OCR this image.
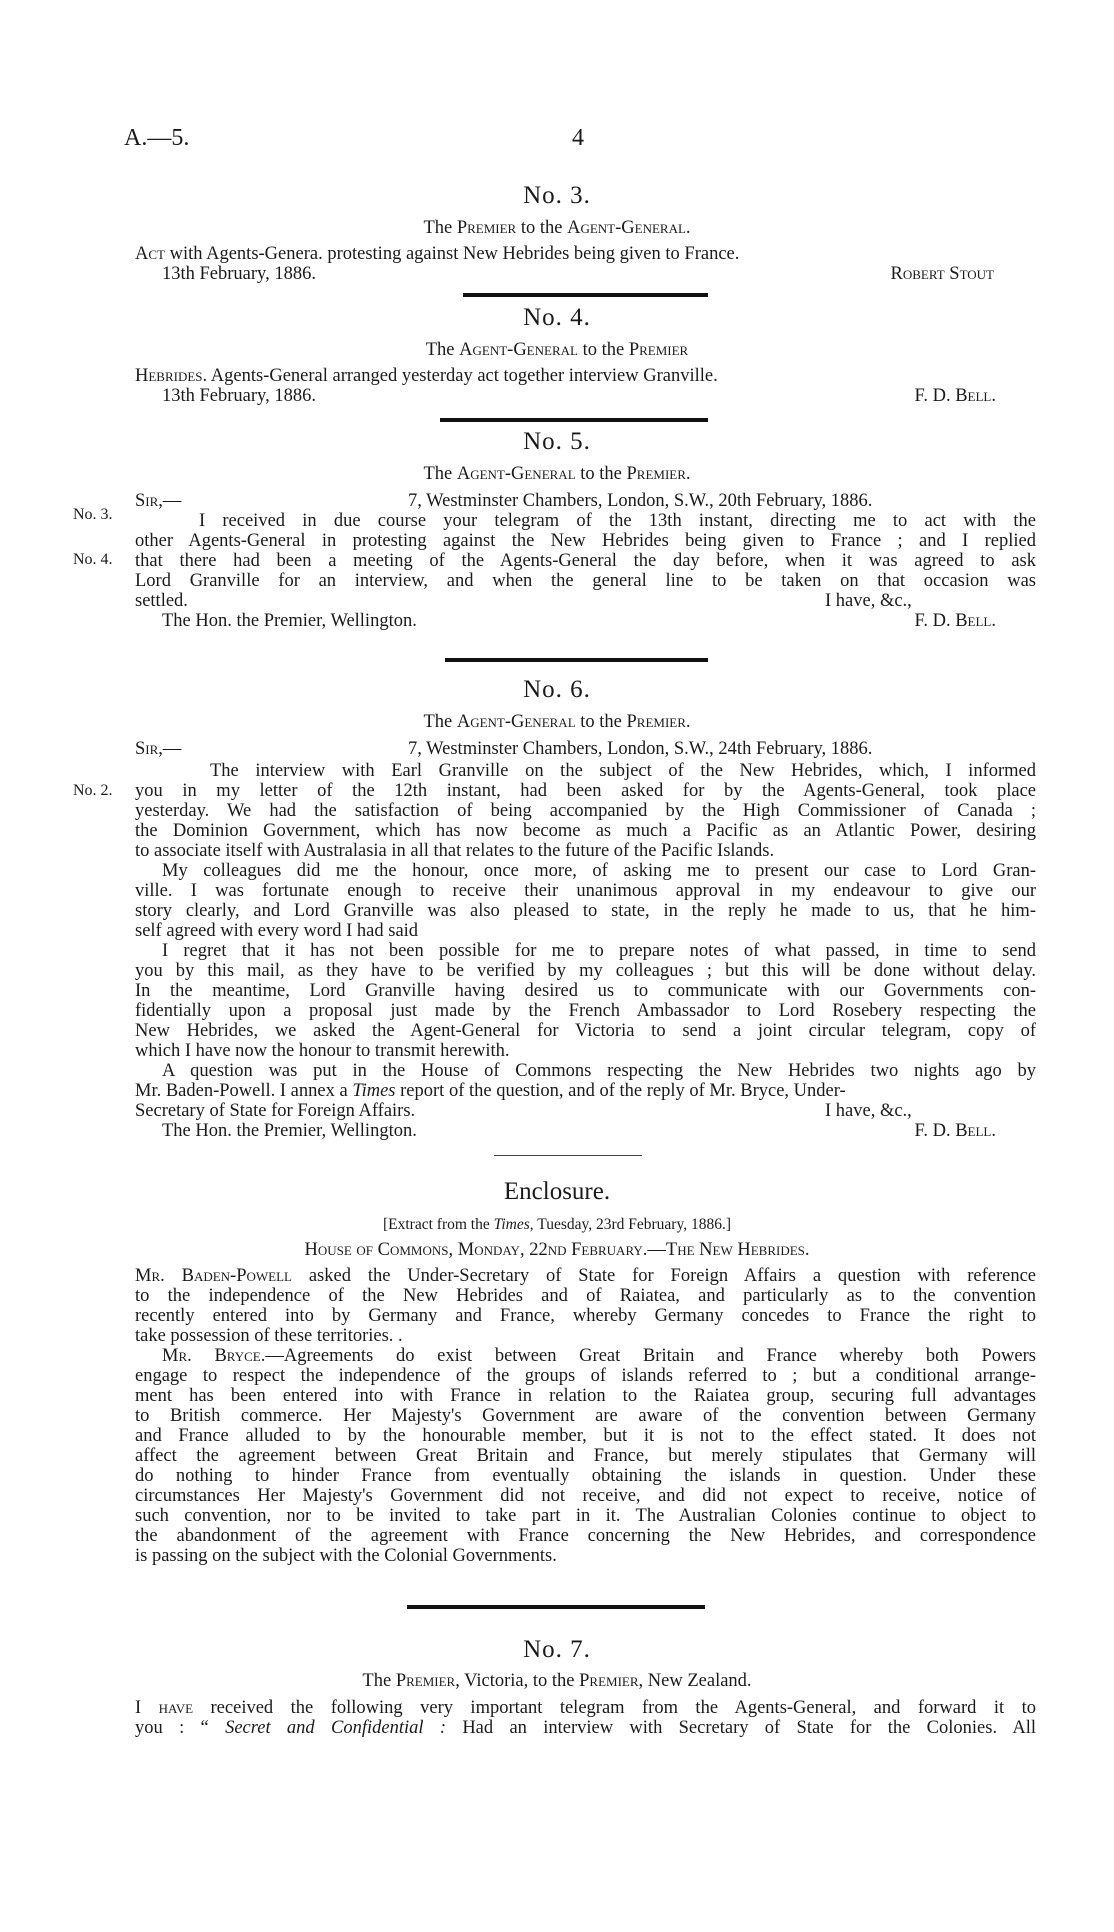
A.—5.	4
No. 3.
The Premier to the Agent-General.
Act with Agents-Genera. protesting against New Hebrides being given to France.
13th February, 1886.	Robert Stout
No. 4.
The Agent-General to the Premier
Hebrides. Agents-General arranged yesterday act together interview Granville.
13th February, 1886.	F. D. Bell.
No. 5.
The Agent-General to the Premier.
Sir,—	7, Westminster Chambers, London, S.W., 20th February, 1886.
No. 3.
No. 4.
I received in due course your telegram of the 13th instant, directing me to act with the
other Agents-General in protesting against the New Hebrides being given to France ; and I replied
that there had been a meeting of the Agents-General the day before, when it was agreed to ask
Lord Granville for an interview, and when the general line to be taken on that occasion was
settled.	I have, &c.,
The Hon. the Premier, Wellington.	F. D. Bell.
No. 6.
The Agent-General to the Premier.
Sir,—	7, Westminster Chambers, London, S.W., 24th February, 1886.
No. 2.
The interview with Earl Granville on the subject of the New Hebrides, which, I informed
you in my letter of the 12th instant, had been asked for by the Agents-General, took place
yesterday. We had the satisfaction of being accompanied by the High Commissioner of Canada ;
the Dominion Government, which has now become as much a Pacific as an Atlantic Power, desiring
to associate itself with Australasia in all that relates to the future of the Pacific Islands.
My colleagues did me the honour, once more, of asking me to present our case to Lord Gran-
ville. I was fortunate enough to receive their unanimous approval in my endeavour to give our
story clearly, and Lord Granville was also pleased to state, in the reply he made to us, that he him-
self agreed with every word I had said
I regret that it has not been possible for me to prepare notes of what passed, in time to send
you by this mail, as they have to be verified by my colleagues ; but this will be done without delay.
In the meantime, Lord Granville having desired us to communicate with our Governments con-
fidentially upon a proposal just made by the French Ambassador to Lord Rosebery respecting the
New Hebrides, we asked the Agent-General for Victoria to send a joint circular telegram, copy of
which I have now the honour to transmit herewith.
A question was put in the House of Commons respecting the New Hebrides two nights ago by
Mr. Baden-Powell. I annex a Times report of the question, and of the reply of Mr. Bryce, Under-
Secretary of State for Foreign Affairs.	I have, &c.,
The Hon. the Premier, Wellington.	F. D. Bell.
Enclosure.
[Extract from the Times, Tuesday, 23rd February, 1886.]
House of Commons, Monday, 22nd February.—The New Hebrides.
Mr. Baden-Powell asked the Under-Secretary of State for Foreign Affairs a question with reference
to the independence of the New Hebrides and of Raiatea, and particularly as to the convention
recently entered into by Germany and France, whereby Germany concedes to France the right to
take possession of these territories. .
Mr. Bryce.—Agreements do exist between Great Britain and France whereby both Powers
engage to respect the independence of the groups of islands referred to ; but a conditional arrange-
ment has been entered into with France in relation to the Raiatea group, securing full advantages
to British commerce. Her Majesty's Government are aware of the convention between Germany
and France alluded to by the honourable member, but it is not to the effect stated. It does not
affect the agreement between Great Britain and France, but merely stipulates that Germany will
do nothing to hinder France from eventually obtaining the islands in question. Under these
circumstances Her Majesty's Government did not receive, and did not expect to receive, notice of
such convention, nor to be invited to take part in it. The Australian Colonies continue to object to
the abandonment of the agreement with France concerning the New Hebrides, and correspondence
is passing on the subject with the Colonial Governments.
No. 7.
The Premier, Victoria, to the Premier, New Zealand.
I have received the following very important telegram from the Agents-General, and forward it to
you : “ Secret and Confidential : Had an interview with Secretary of State for the Colonies. All
